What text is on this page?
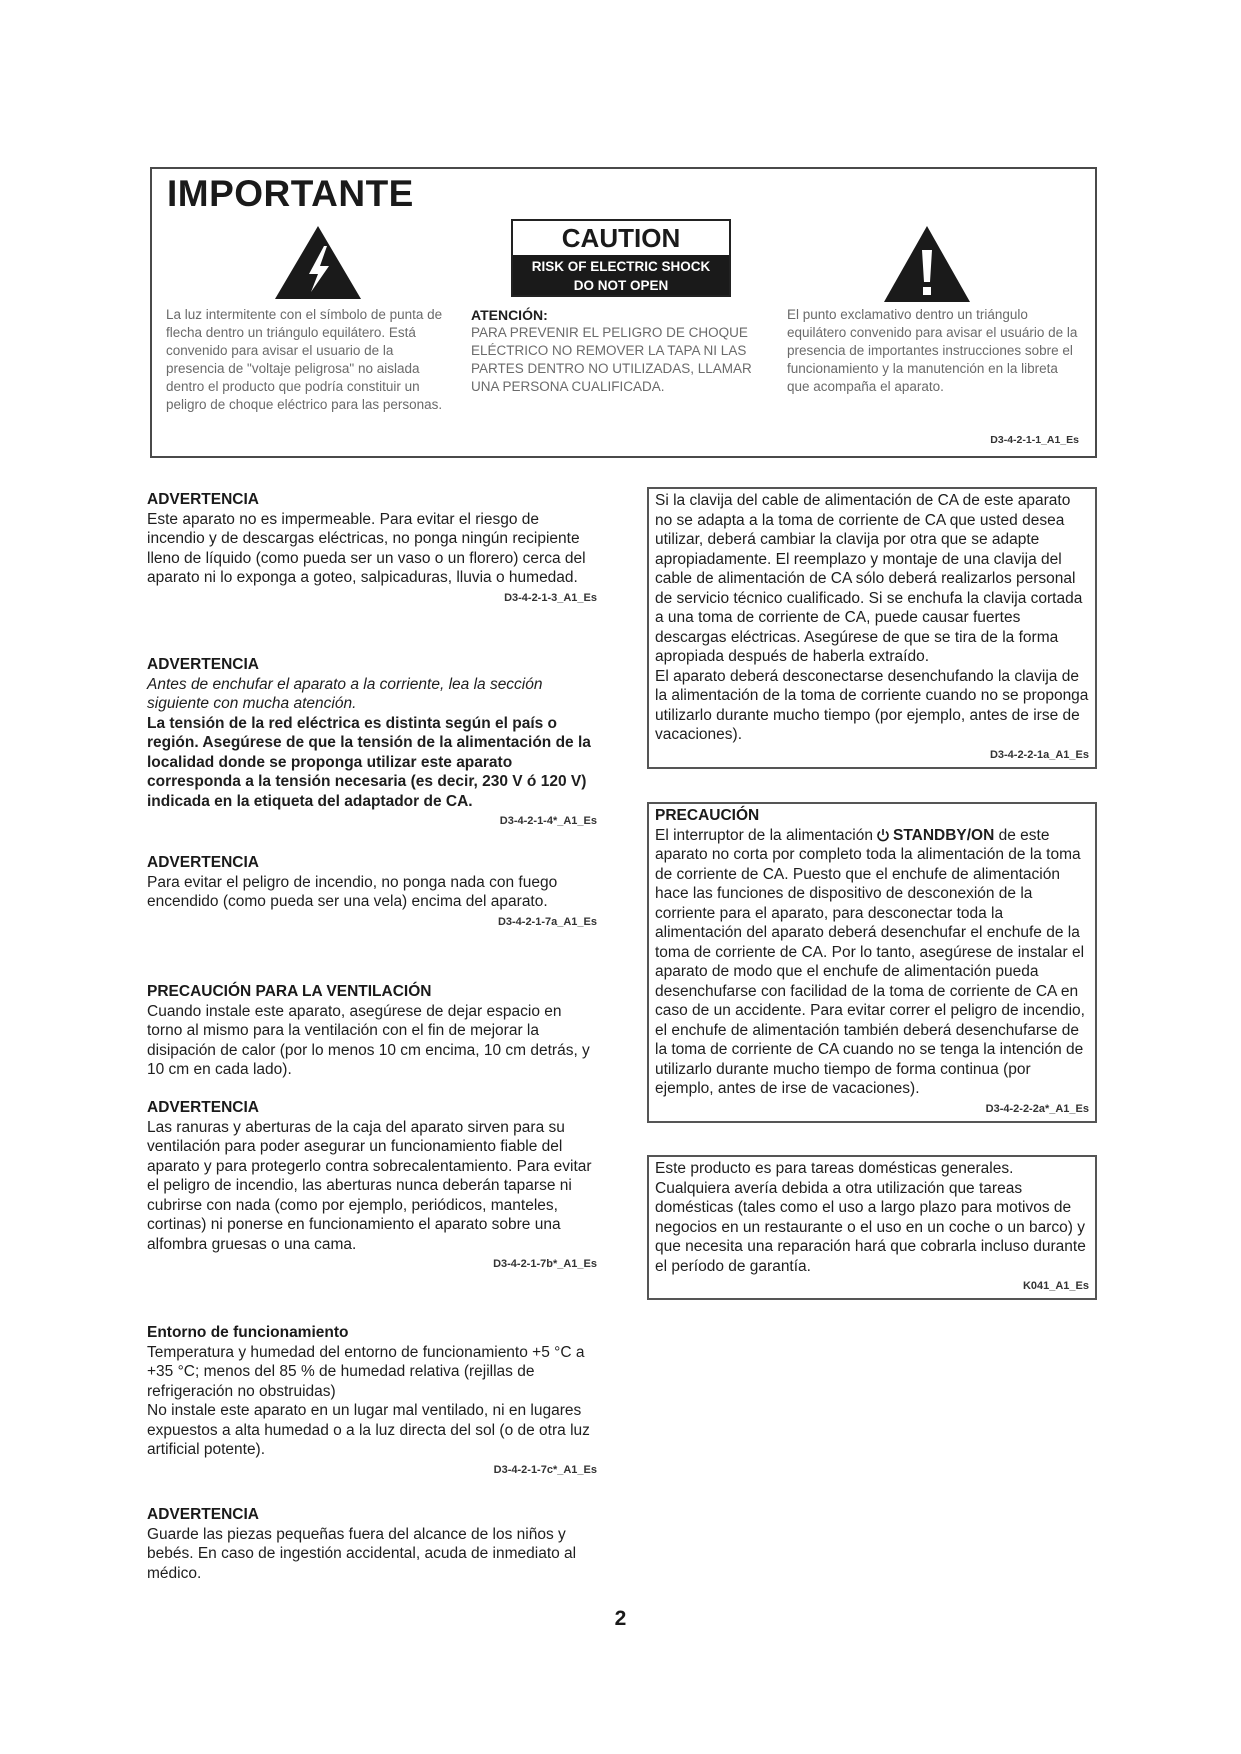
IMPORTANTE
CAUTION
RISK OF ELECTRIC SHOCK
DO NOT OPEN
La luz intermitente con el símbolo de punta de flecha dentro un triángulo equilátero. Está convenido para avisar el usuario de la presencia de "voltaje peligrosa" no aislada dentro el producto que podría constituir un peligro de choque eléctrico para las personas.
ATENCIÓN:
PARA PREVENIR EL PELIGRO DE CHOQUE ELÉCTRICO NO REMOVER LA TAPA NI LAS PARTES DENTRO NO UTILIZADAS, LLAMAR UNA PERSONA CUALIFICADA.
El punto exclamativo dentro un triángulo equilátero convenido para avisar el usuário de la presencia de importantes instrucciones sobre el funcionamiento y la manutención en la libreta que acompaña el aparato.
D3-4-2-1-1_A1_Es
ADVERTENCIA
Este aparato no es impermeable. Para evitar el riesgo de incendio y de descargas eléctricas, no ponga ningún recipiente lleno de líquido (como pueda ser un vaso o un florero) cerca del aparato ni lo exponga a goteo, salpicaduras, lluvia o humedad.
D3-4-2-1-3_A1_Es
ADVERTENCIA
Antes de enchufar el aparato a la corriente, lea la sección siguiente con mucha atención.
La tensión de la red eléctrica es distinta según el país o región. Asegúrese de que la tensión de la alimentación de la localidad donde se proponga utilizar este aparato corresponda a la tensión necesaria (es decir, 230 V ó 120 V) indicada en la etiqueta del adaptador de CA.
D3-4-2-1-4*_A1_Es
ADVERTENCIA
Para evitar el peligro de incendio, no ponga nada con fuego encendido (como pueda ser una vela) encima del aparato.
D3-4-2-1-7a_A1_Es
PRECAUCIÓN PARA LA VENTILACIÓN
Cuando instale este aparato, asegúrese de dejar espacio en torno al mismo para la ventilación con el fin de mejorar la disipación de calor (por lo menos 10 cm encima, 10 cm detrás, y 10 cm en cada lado).
ADVERTENCIA
Las ranuras y aberturas de la caja del aparato sirven para su ventilación para poder asegurar un funcionamiento fiable del aparato y para protegerlo contra sobrecalentamiento. Para evitar el peligro de incendio, las aberturas nunca deberán taparse ni cubrirse con nada (como por ejemplo, periódicos, manteles, cortinas) ni ponerse en funcionamiento el aparato sobre una alfombra gruesas o una cama.
D3-4-2-1-7b*_A1_Es
Entorno de funcionamiento
Temperatura y humedad del entorno de funcionamiento +5 °C a +35 °C; menos del 85 % de humedad relativa (rejillas de refrigeración no obstruidas)
No instale este aparato en un lugar mal ventilado, ni en lugares expuestos a alta humedad o a la luz directa del sol (o de otra luz artificial potente).
D3-4-2-1-7c*_A1_Es
ADVERTENCIA
Guarde las piezas pequeñas fuera del alcance de los niños y bebés. En caso de ingestión accidental, acuda de inmediato al médico.
Si la clavija del cable de alimentación de CA de este aparato no se adapta a la toma de corriente de CA que usted desea utilizar, deberá cambiar la clavija por otra que se adapte apropiadamente. El reemplazo y montaje de una clavija del cable de alimentación de CA sólo deberá realizarlos personal de servicio técnico cualificado. Si se enchufa la clavija cortada a una toma de corriente de CA, puede causar fuertes descargas eléctricas. Asegúrese de que se tira de la forma apropiada después de haberla extraído.
El aparato deberá desconectarse desenchufando la clavija de la alimentación de la toma de corriente cuando no se proponga utilizarlo durante mucho tiempo (por ejemplo, antes de irse de vacaciones).
D3-4-2-2-1a_A1_Es
PRECAUCIÓN
El interruptor de la alimentación STANDBY/ON de este aparato no corta por completo toda la alimentación de la toma de corriente de CA. Puesto que el enchufe de alimentación hace las funciones de dispositivo de desconexión de la corriente para el aparato, para desconectar toda la alimentación del aparato deberá desenchufar el enchufe de la toma de corriente de CA. Por lo tanto, asegúrese de instalar el aparato de modo que el enchufe de alimentación pueda desenchufarse con facilidad de la toma de corriente de CA en caso de un accidente. Para evitar correr el peligro de incendio, el enchufe de alimentación también deberá desenchufarse de la toma de corriente de CA cuando no se tenga la intención de utilizarlo durante mucho tiempo de forma continua (por ejemplo, antes de irse de vacaciones).
D3-4-2-2-2a*_A1_Es
Este producto es para tareas domésticas generales. Cualquiera avería debida a otra utilización que tareas domésticas (tales como el uso a largo plazo para motivos de negocios en un restaurante o el uso en un coche o un barco) y que necesita una reparación hará que cobrarla incluso durante el período de garantía.
K041_A1_Es
2
